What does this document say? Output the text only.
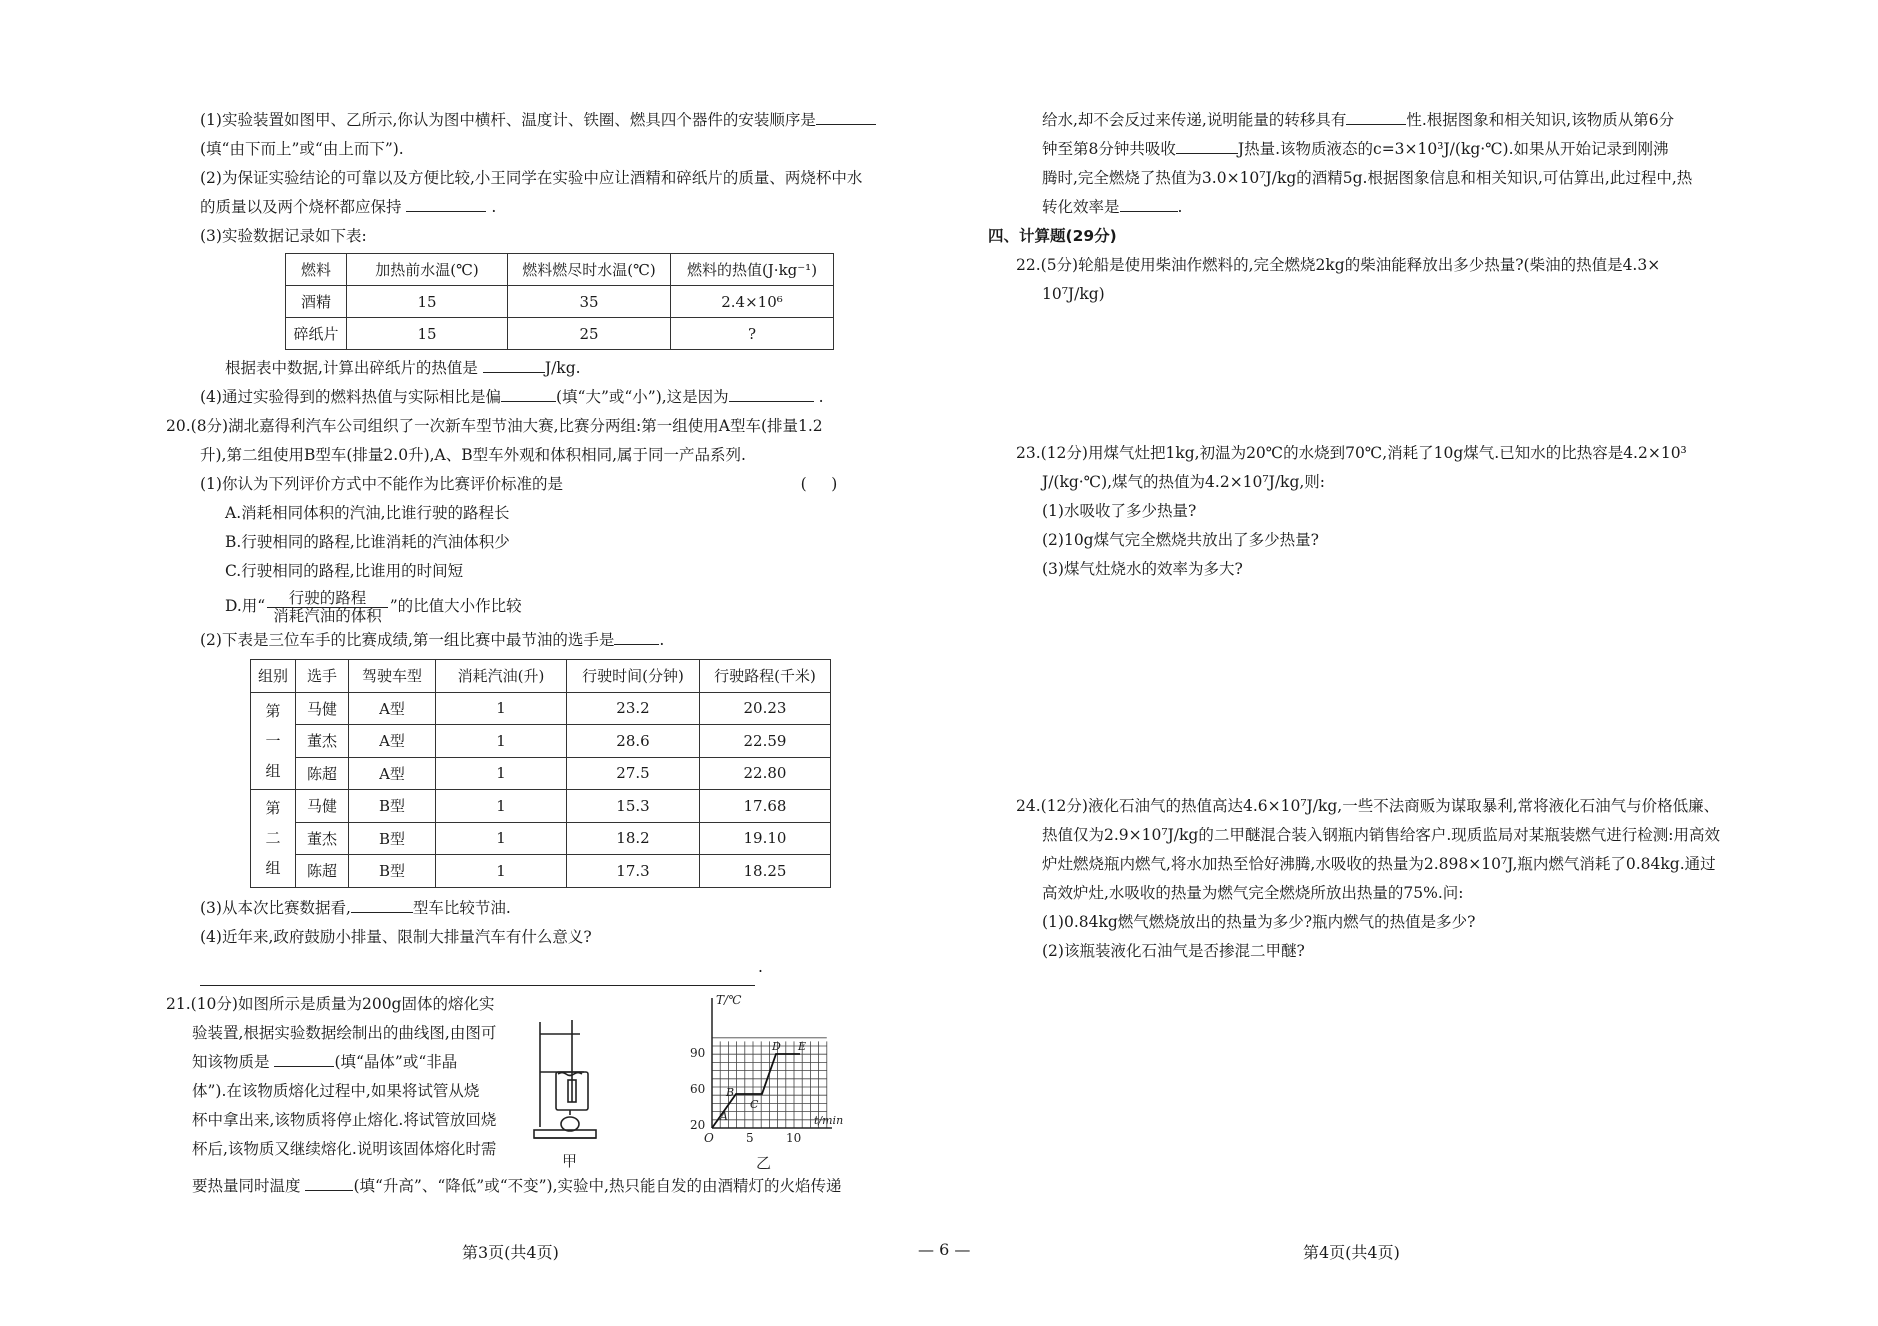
(1)实验装置如图甲、乙所示,你认为图中横杆、温度计、铁圈、燃具四个器件的安装顺序是
(填“由下而上”或“由上而下”).
(2)为保证实验结论的可靠以及方便比较,小王同学在实验中应让酒精和碎纸片的质量、两烧杯中水
的质量以及两个烧杯都应保持	.
(3)实验数据记录如下表:
燃料	加热前水温(℃)	燃料燃尽时水温(℃)	燃料的热值(J·kg⁻¹)
酒精	15	35	2.4×10⁶
碎纸片	15	25	?
根据表中数据,计算出碎纸片的热值是	J/kg.
(4)通过实验得到的燃料热值与实际相比是偏	(填“大”或“小”),这是因为	.
20.(8分)湖北嘉得利汽车公司组织了一次新车型节油大赛,比赛分两组:第一组使用A型车(排量1.2
升),第二组使用B型车(排量2.0升),A、B型车外观和体积相同,属于同一产品系列.
(1)你认为下列评价方式中不能作为比赛评价标准的是	( )
A.消耗相同体积的汽油,比谁行驶的路程长
B.行驶相同的路程,比谁消耗的汽油体积少
C.行驶相同的路程,比谁用的时间短
D.用“ $\frac{\text{行驶的路程}}{\text{消耗汽油的体积}}$ ”的比值大小作比较
(2)下表是三位车手的比赛成绩,第一组比赛中最节油的选手是	.
组别	选手	驾驶车型	消耗汽油(升)	行驶时间(分钟)	行驶路程(千米)
第
一
组	马健	A型	1	23.2	20.23
	董杰	A型	1	28.6	22.59
	陈超	A型	1	27.5	22.80
第
二
组	马健	B型	1	15.3	17.68
	董杰	B型	1	18.2	19.10
	陈超	B型	1	17.3	18.25
(3)从本次比赛数据看,	型车比较节油.
(4)近年来,政府鼓励小排量、限制大排量汽车有什么意义?
.
21.(10分)如图所示是质量为200g固体的熔化实
验装置,根据实验数据绘制出的曲线图,由图可
知该物质是	(填“晶体”或“非晶
体”).在该物质熔化过程中,如果将试管从烧
杯中拿出来,该物质将停止熔化.将试管放回烧
杯后,该物质又继续熔化.说明该固体熔化时需
甲
T/℃
t/min
20
60
90
O	5	10
A
B
C
D E
乙
要热量同时温度	(填“升高”、“降低”或“不变”),实验中,热只能自发的由酒精灯的火焰传递
给水,却不会反过来传递,说明能量的转移具有	性.根据图象和相关知识,该物质从第6分
钟至第8分钟共吸收	J热量.该物质液态的c=3×10³J/(kg·℃).如果从开始记录到刚沸
腾时,完全燃烧了热值为3.0×10⁷J/kg的酒精5g.根据图象信息和相关知识,可估算出,此过程中,热
转化效率是	.
四、计算题(29分)
22.(5分)轮船是使用柴油作燃料的,完全燃烧2kg的柴油能释放出多少热量?(柴油的热值是4.3×
10⁷J/kg)
23.(12分)用煤气灶把1kg,初温为20℃的水烧到70℃,消耗了10g煤气.已知水的比热容是4.2×10³
J/(kg·℃),煤气的热值为4.2×10⁷J/kg,则:
(1)水吸收了多少热量?
(2)10g煤气完全燃烧共放出了多少热量?
(3)煤气灶烧水的效率为多大?
24.(12分)液化石油气的热值高达4.6×10⁷J/kg,一些不法商贩为谋取暴利,常将液化石油气与价格低廉、
热值仅为2.9×10⁷J/kg的二甲醚混合装入钢瓶内销售给客户.现质监局对某瓶装燃气进行检测:用高效
炉灶燃烧瓶内燃气,将水加热至恰好沸腾,水吸收的热量为2.898×10⁷J,瓶内燃气消耗了0.84kg.通过
高效炉灶,水吸收的热量为燃气完全燃烧所放出热量的75%.问:
(1)0.84kg燃气燃烧放出的热量为多少?瓶内燃气的热值是多少?
(2)该瓶装液化石油气是否掺混二甲醚?
第3页(共4页)	— 6 —	第4页(共4页)
